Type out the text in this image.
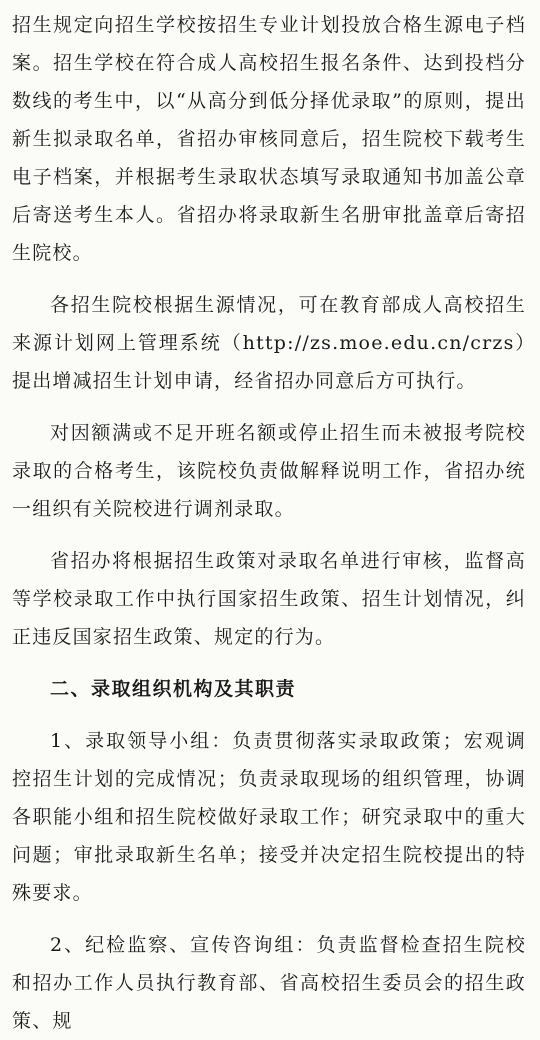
招生规定向招生学校按招生专业计划投放合格生源电子档案。招生学校在符合成人高校招生报名条件、达到投档分数线的考生中，以“从高分到低分择优录取”的原则，提出新生拟录取名单，省招办审核同意后，招生院校下载考生电子档案，并根据考生录取状态填写录取通知书加盖公章后寄送考生本人。省招办将录取新生名册审批盖章后寄招生院校。

各招生院校根据生源情况，可在教育部成人高校招生来源计划网上管理系统（http://zs.moe.edu.cn/crzs）提出增减招生计划申请，经省招办同意后方可执行。

对因额满或不足开班名额或停止招生而未被报考院校录取的合格考生，该院校负责做解释说明工作，省招办统一组织有关院校进行调剂录取。

省招办将根据招生政策对录取名单进行审核，监督高等学校录取工作中执行国家招生政策、招生计划情况，纠正违反国家招生政策、规定的行为。

二、录取组织机构及其职责

1、录取领导小组：负责贯彻落实录取政策；宏观调控招生计划的完成情况；负责录取现场的组织管理，协调各职能小组和招生院校做好录取工作；研究录取中的重大问题；审批录取新生名单；接受并决定招生院校提出的特殊要求。

2、纪检监察、宣传咨询组：负责监督检查招生院校和招办工作人员执行教育部、省高校招生委员会的招生政策、规
